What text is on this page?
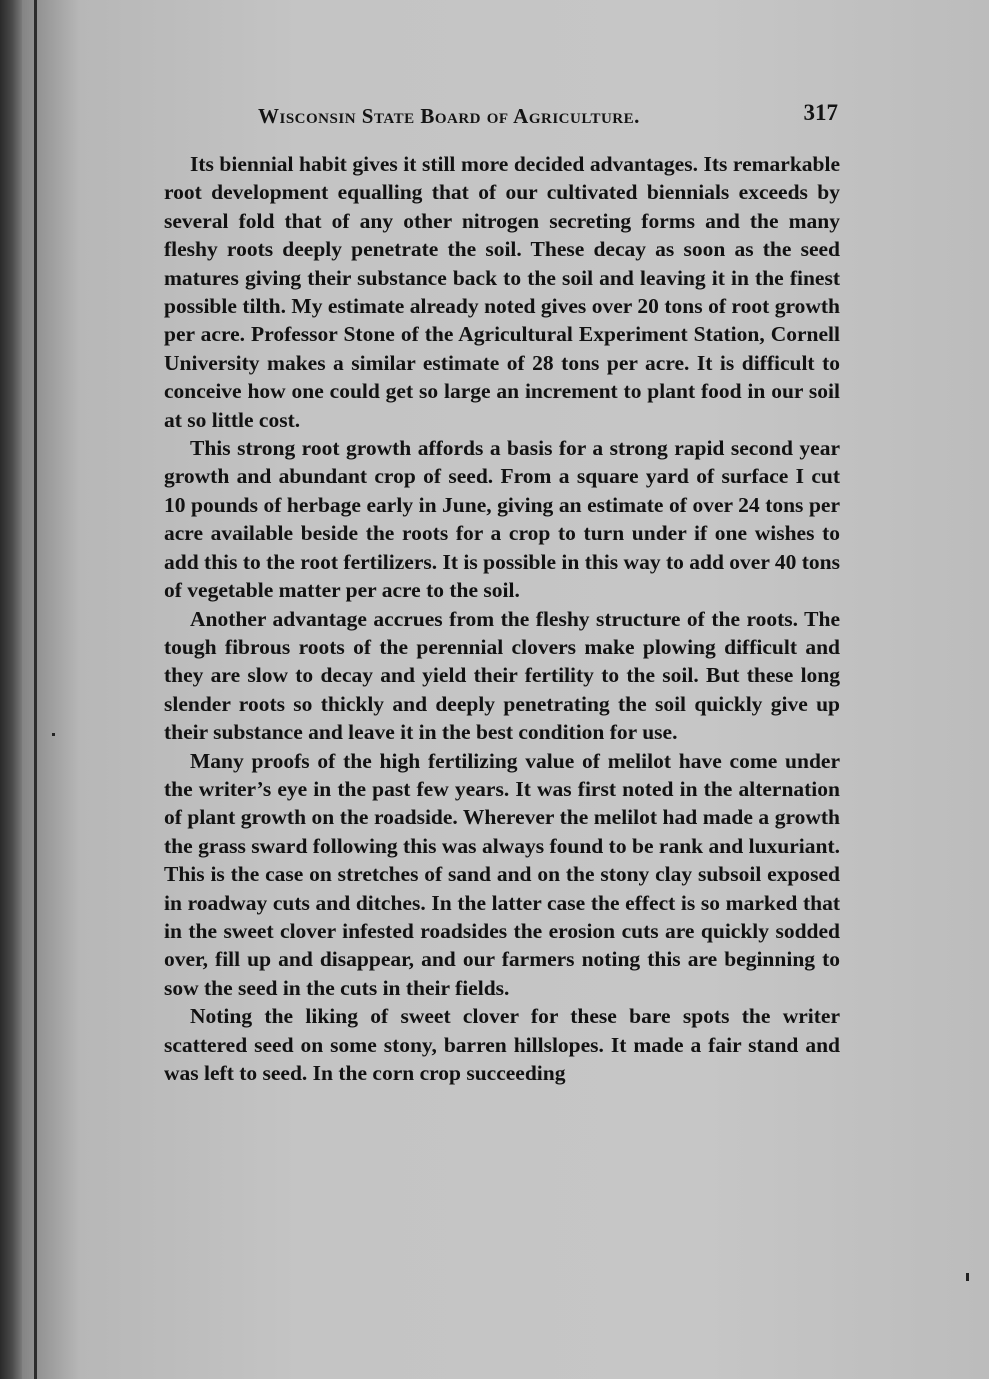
Wisconsin State Board of Agriculture.	317

Its biennial habit gives it still more decided advantages. Its remarkable root development equalling that of our cultivated biennials exceeds by several fold that of any other nitrogen secreting forms and the many fleshy roots deeply penetrate the soil. These decay as soon as the seed matures giving their substance back to the soil and leaving it in the finest possible tilth. My estimate already noted gives over 20 tons of root growth per acre. Professor Stone of the Agricultural Experiment Station, Cornell University makes a similar estimate of 28 tons per acre. It is difficult to conceive how one could get so large an increment to plant food in our soil at so little cost.

This strong root growth affords a basis for a strong rapid second year growth and abundant crop of seed. From a square yard of surface I cut 10 pounds of herbage early in June, giving an estimate of over 24 tons per acre available beside the roots for a crop to turn under if one wishes to add this to the root fertilizers. It is possible in this way to add over 40 tons of vegetable matter per acre to the soil.

Another advantage accrues from the fleshy structure of the roots. The tough fibrous roots of the perennial clovers make plowing difficult and they are slow to decay and yield their fertility to the soil. But these long slender roots so thickly and deeply penetrating the soil quickly give up their substance and leave it in the best condition for use.

Many proofs of the high fertilizing value of melilot have come under the writer’s eye in the past few years. It was first noted in the alternation of plant growth on the roadside. Wherever the melilot had made a growth the grass sward following this was always found to be rank and luxuriant. This is the case on stretches of sand and on the stony clay subsoil exposed in roadway cuts and ditches. In the latter case the effect is so marked that in the sweet clover infested roadsides the erosion cuts are quickly sodded over, fill up and disappear, and our farmers noting this are beginning to sow the seed in the cuts in their fields.

Noting the liking of sweet clover for these bare spots the writer scattered seed on some stony, barren hillslopes. It made a fair stand and was left to seed. In the corn crop succeeding
